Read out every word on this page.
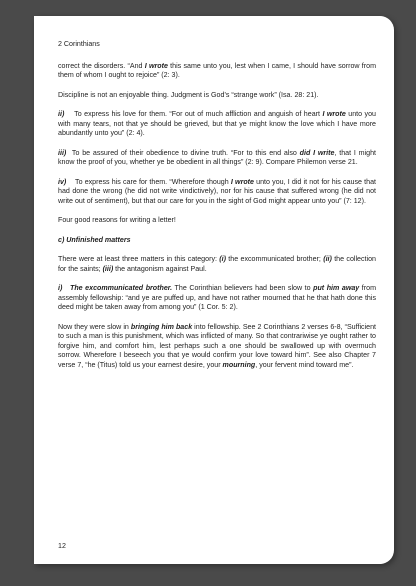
2 Corinthians

correct the disorders. “And I wrote this same unto you, lest when I came, I should have sorrow from them of whom I ought to rejoice” (2: 3).

Discipline is not an enjoyable thing. Judgment is God’s “strange work” (Isa. 28: 21).

ii)    To express his love for them. “For out of much affliction and anguish of heart I wrote unto you with many tears, not that ye should be grieved, but that ye might know the love which I have more abundantly unto you” (2: 4).

iii)  To be assured of their obedience to divine truth. “For to this end also did I write, that I might know the proof of you, whether ye be obedient in all things” (2: 9). Compare Philemon verse 21.

iv)    To express his care for them. “Wherefore though I wrote unto you, I did it not for his cause that had done the wrong (he did not write vindictively), nor for his cause that suffered wrong (he did not write out of sentiment), but that our care for you in the sight of God might appear unto you” (7: 12).

Four good reasons for writing a letter!

c) Unfinished matters

There were at least three matters in this category: (i) the excommunicated brother; (ii) the collection for the saints; (iii) the antagonism against Paul.

i)   The excommunicated brother. The Corinthian believers had been slow to put him away from assembly fellowship: “and ye are puffed up, and have not rather mourned that he that hath done this deed might be taken away from among you” (1 Cor. 5: 2).

Now they were slow in bringing him back into fellowship. See 2 Corinthians 2 verses 6-8, “Sufficient to such a man is this punishment, which was inflicted of many. So that contrariwise ye ought rather to forgive him, and comfort him, lest perhaps such a one should be swallowed up with overmuch sorrow. Wherefore I beseech you that ye would confirm your love toward him”. See also Chapter 7 verse 7, “he (Titus) told us your earnest desire, your mourning, your fervent mind toward me”.

12
